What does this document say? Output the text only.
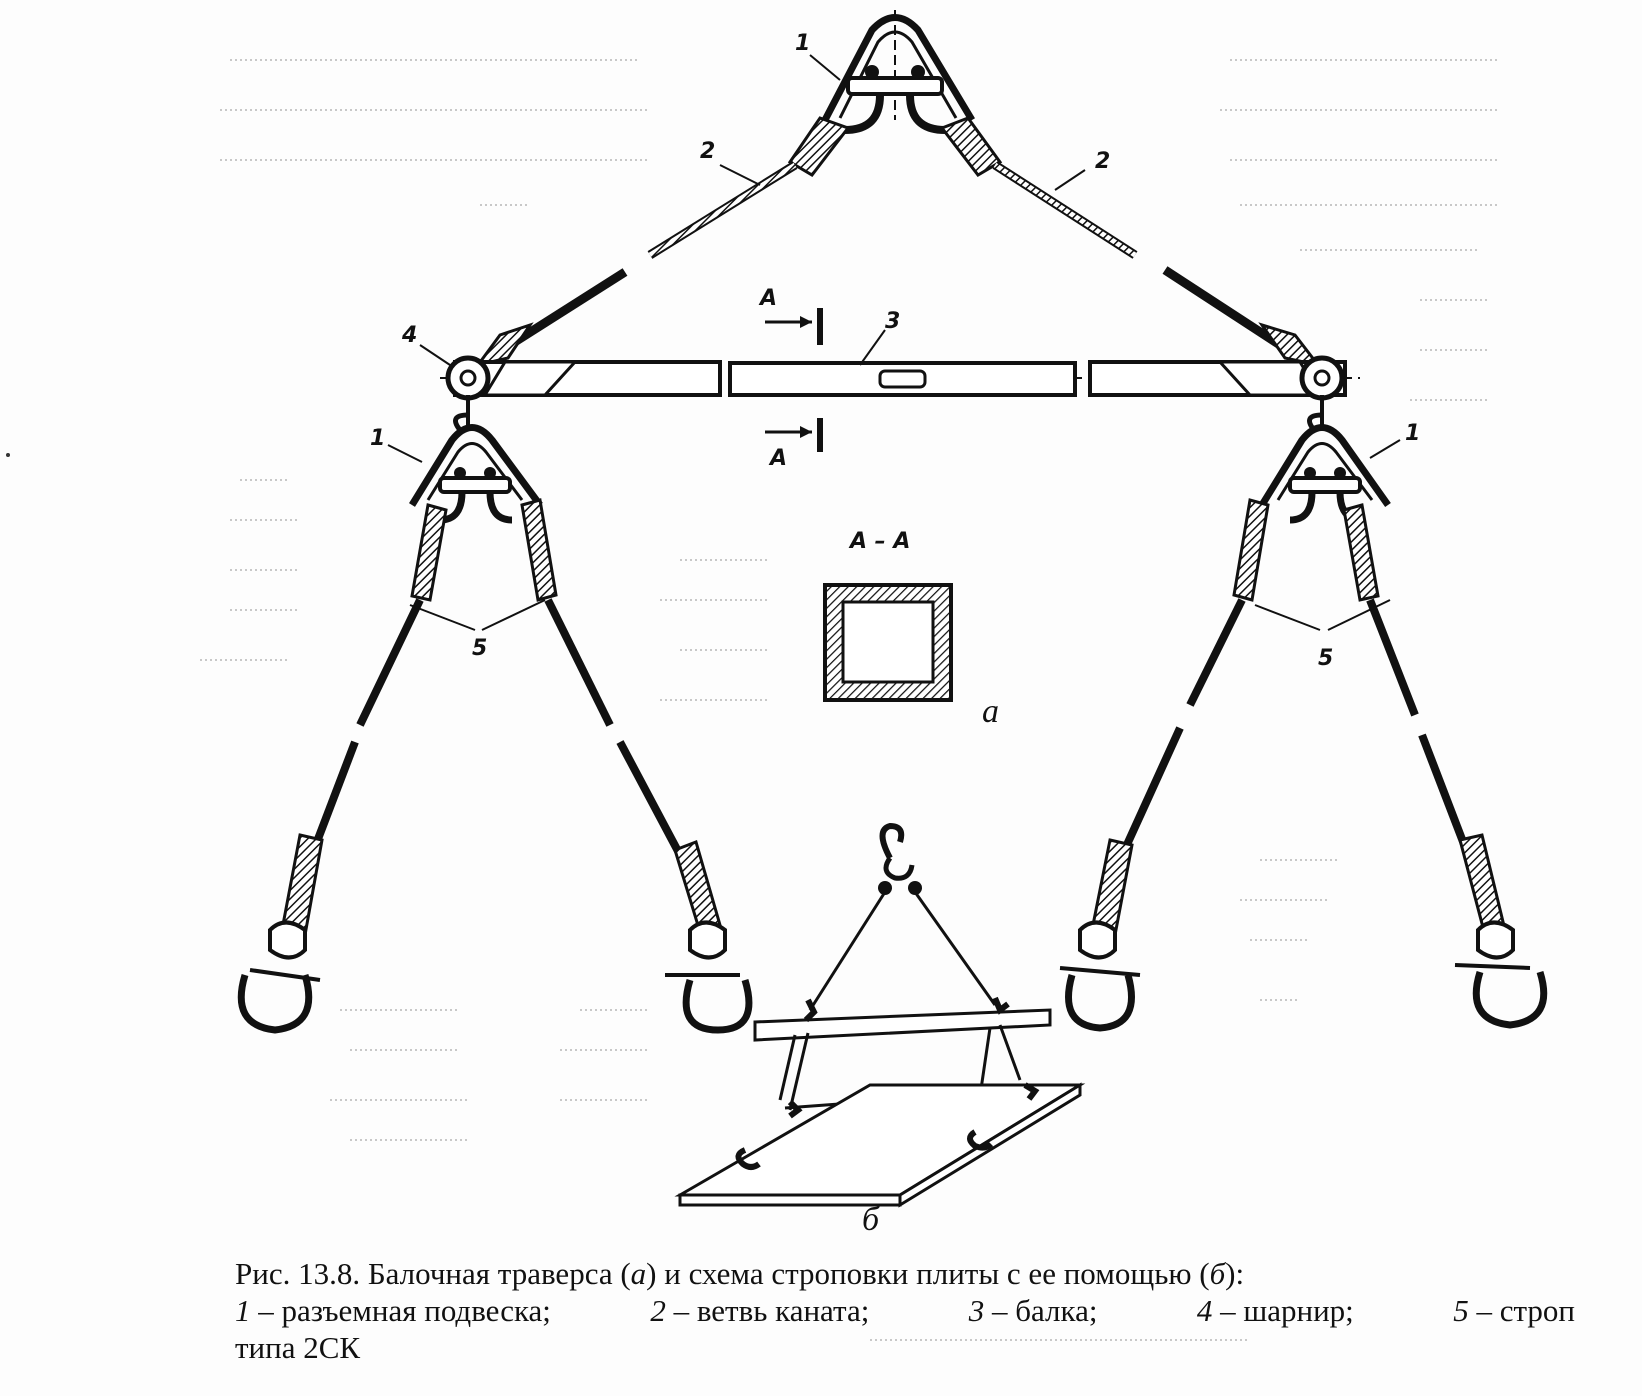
1
2	2
3
4
1	1
5	5
А
А
А – А
а
б
Рис. 13.8. Балочная траверса (а) и схема строповки плиты с ее помощью (б):
1 – разъемная подвеска;	2 – ветвь каната;	3 – балка;	4 – шарнир;	5 – строп
типа 2СК
